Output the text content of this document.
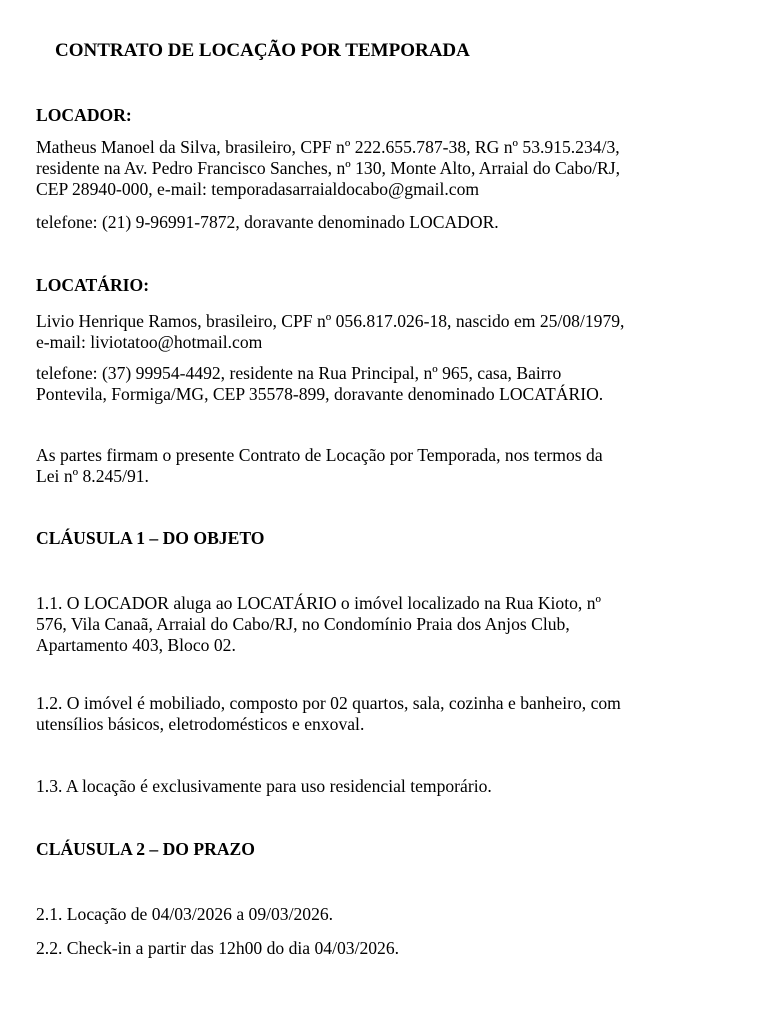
CONTRATO DE LOCAÇÃO POR TEMPORADA
LOCADOR:
Matheus Manoel da Silva, brasileiro, CPF nº 222.655.787-38, RG nº 53.915.234/3,
residente na Av. Pedro Francisco Sanches, nº 130, Monte Alto, Arraial do Cabo/RJ,
CEP 28940-000, e-mail: temporadasarraialdocabo@gmail.com
telefone: (21) 9-96991-7872, doravante denominado LOCADOR.
LOCATÁRIO:
Livio Henrique Ramos, brasileiro, CPF nº 056.817.026-18, nascido em 25/08/1979,
e-mail: liviotatoo@hotmail.com
telefone: (37) 99954-4492, residente na Rua Principal, nº 965, casa, Bairro
Pontevila, Formiga/MG, CEP 35578-899, doravante denominado LOCATÁRIO.
As partes firmam o presente Contrato de Locação por Temporada, nos termos da
Lei nº 8.245/91.
CLÁUSULA 1 – DO OBJETO
1.1. O LOCADOR aluga ao LOCATÁRIO o imóvel localizado na Rua Kioto, nº
576, Vila Canaã, Arraial do Cabo/RJ, no Condomínio Praia dos Anjos Club,
Apartamento 403, Bloco 02.
1.2. O imóvel é mobiliado, composto por 02 quartos, sala, cozinha e banheiro, com
utensílios básicos, eletrodomésticos e enxoval.
1.3. A locação é exclusivamente para uso residencial temporário.
CLÁUSULA 2 – DO PRAZO
2.1. Locação de 04/03/2026 a 09/03/2026.
2.2. Check-in a partir das 12h00 do dia 04/03/2026.
